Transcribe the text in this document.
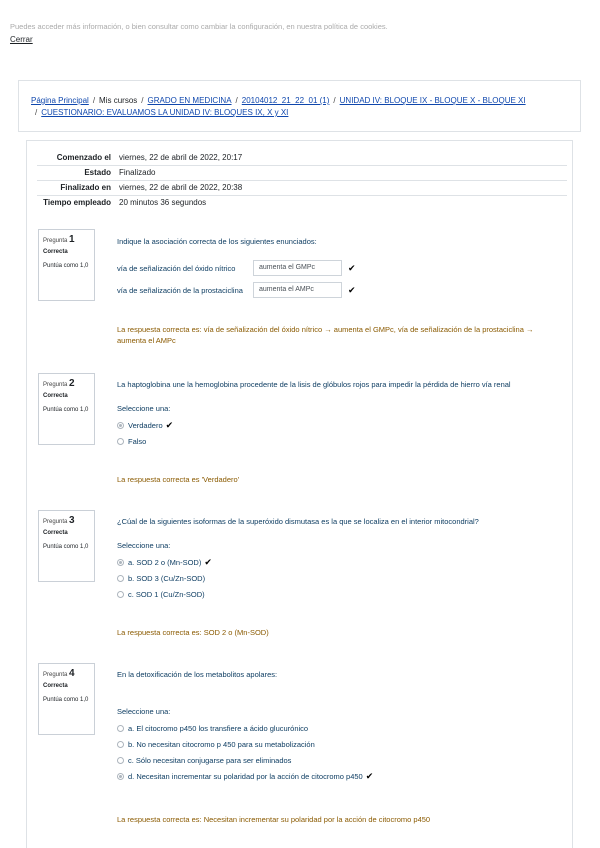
Puedes acceder más información, o bien consultar como cambiar la configuración, en nuestra política de cookies.
Cerrar
Página Principal / Mis cursos / GRADO EN MEDICINA / 20104012_21_22_01 (1) / UNIDAD IV: BLOQUE IX - BLOQUE X - BLOQUE XI
/ CUESTIONARIO: EVALUAMOS LA UNIDAD IV: BLOQUES IX, X y XI
Comenzado el	viernes, 22 de abril de 2022, 20:17
Estado	Finalizado
Finalizado en	viernes, 22 de abril de 2022, 20:38
Tiempo empleado	20 minutos 36 segundos
Pregunta 1
Correcta
Puntúa como 1,0
Indique la asociación correcta de los siguientes enunciados:
vía de señalización del óxido nítrico	aumenta el GMPc	✔
vía de señalización de la prostaciclina	aumenta el AMPc	✔
La respuesta correcta es: vía de señalización del óxido nítrico → aumenta el GMPc, vía de señalización de la prostaciclina → aumenta el AMPc
Pregunta 2
Correcta
Puntúa como 1,0
La haptoglobina une la hemoglobina procedente de la lisis de glóbulos rojos para impedir la pérdida de hierro vía renal
Seleccione una:
Verdadero ✔
Falso
La respuesta correcta es 'Verdadero'
Pregunta 3
Correcta
Puntúa como 1,0
¿Cúal de la siguientes isoformas de la superóxido dismutasa es la que se localiza en el interior mitocondrial?
Seleccione una:
a. SOD 2 o (Mn-SOD) ✔
b. SOD 3 (Cu/Zn-SOD)
c. SOD 1 (Cu/Zn-SOD)
La respuesta correcta es: SOD 2 o (Mn-SOD)
Pregunta 4
Correcta
Puntúa como 1,0
En la detoxificación de los metabolitos apolares:
Seleccione una:
a. El citocromo p450 los transfiere a ácido glucurónico
b. No necesitan citocromo p 450 para su metabolización
c. Sólo necesitan conjugarse para ser eliminados
d. Necesitan incrementar su polaridad por la acción de citocromo p450 ✔
La respuesta correcta es: Necesitan incrementar su polaridad por la acción de citocromo p450
